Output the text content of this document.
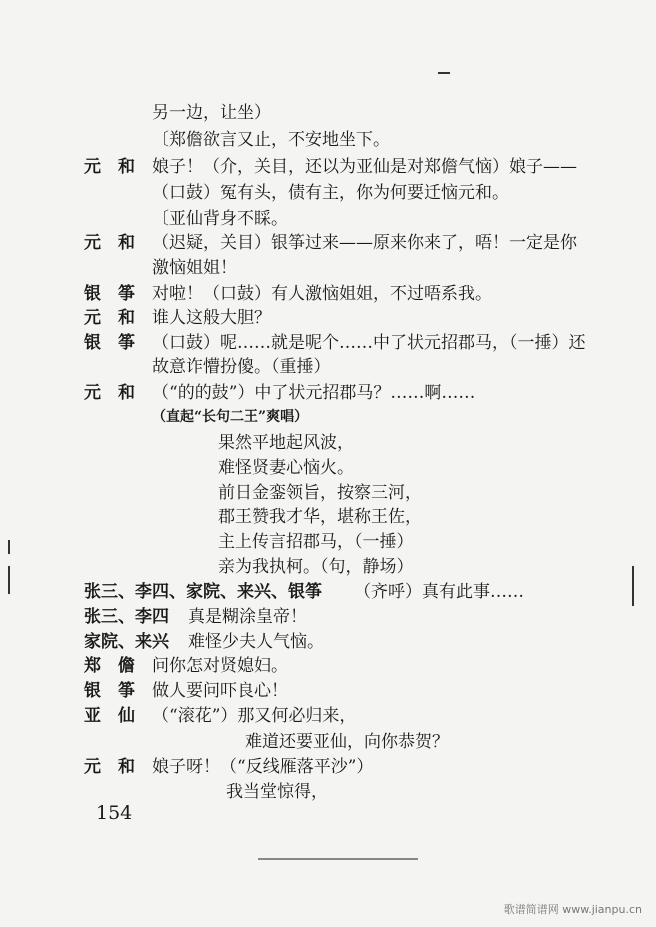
另一边，让坐）
〔郑儋欲言又止，不安地坐下。
元　和 娘子！（介，关目，还以为亚仙是对郑儋气恼）娘子——
（口鼓）冤有头，债有主，你为何要迁恼元和。
〔亚仙背身不睬。
元　和 （迟疑，关目）银筝过来——原来你来了，唔！一定是你
激恼姐姐！
银　筝 对啦！（口鼓）有人激恼姐姐，不过唔系我。
元　和 谁人这般大胆？
银　筝 （口鼓）呢……就是呢个……中了状元招郡马，（一捶）还
故意诈懵扮傻。（重捶）
元　和 （“的的鼓”）中了状元招郡马？……啊……
（直起“长句二王”爽唱）
果然平地起风波，
难怪贤妻心恼火。
前日金銮领旨，按察三河，
郡王赞我才华，堪称王佐，
主上传言招郡马，（一捶）
亲为我执柯。（句，静场）
张三、李四、家院、来兴、银筝 （齐呼）真有此事……
张三、李四 真是糊涂皇帝！
家院、来兴 难怪少夫人气恼。
郑　儋 问你怎对贤媳妇。
银　筝 做人要问吓良心！
亚　仙 （“滚花”）那又何必归来，
难道还要亚仙，向你恭贺？
元　和 娘子呀！（“反线雁落平沙”）
我当堂惊得，
154
歌谱简谱网 www.jianpu.cn
